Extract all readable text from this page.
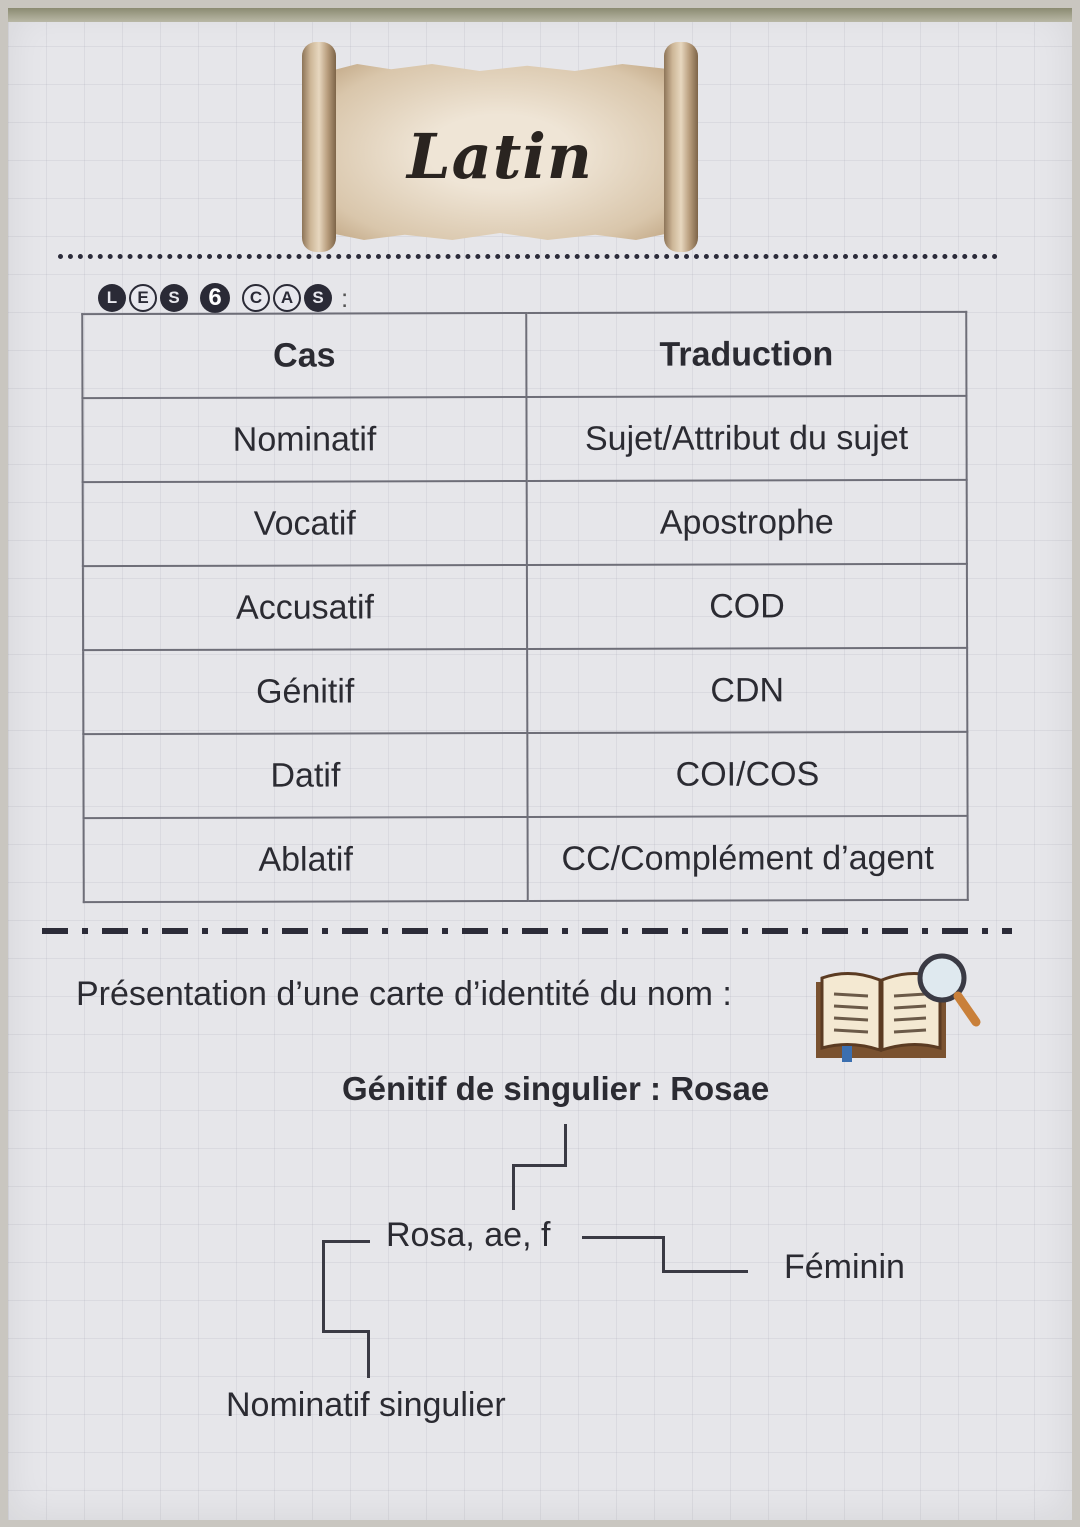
Latin
L	E	S	6	C	A	S :
Cas	Traduction
Nominatif	Sujet/Attribut du sujet
Vocatif	Apostrophe
Accusatif	COD
Génitif	CDN
Datif	COI/COS
Ablatif	CC/Complément d’agent
Présentation d’une carte d’identité du nom :
Génitif de singulier : Rosae
Rosa, ae, f
Féminin
Nominatif singulier
